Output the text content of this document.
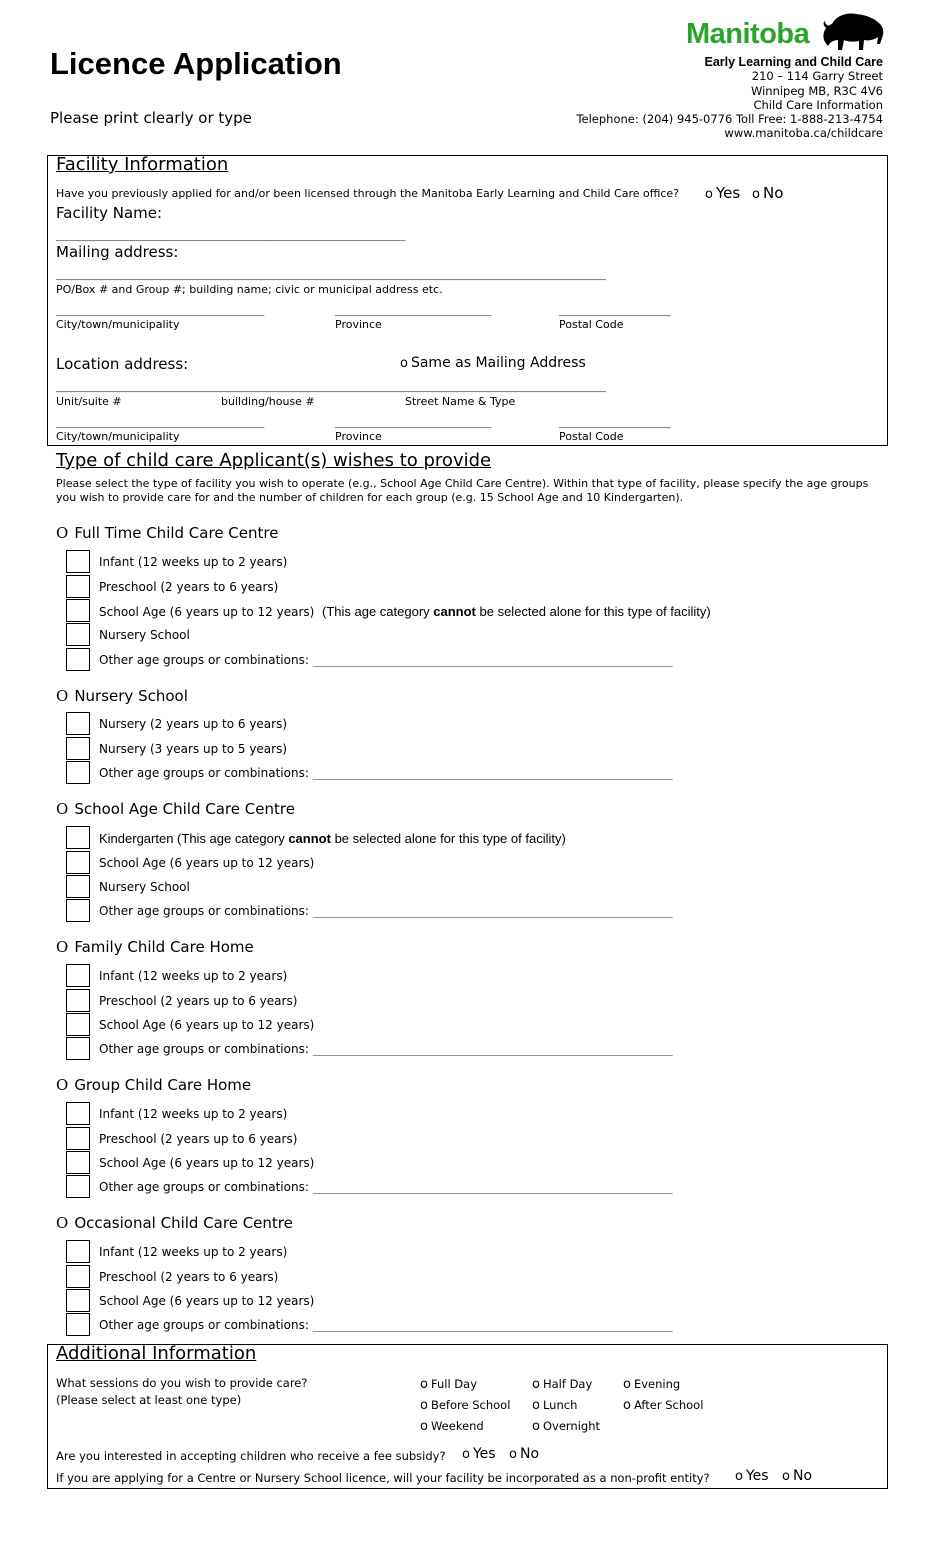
Licence Application
Please print clearly or type
Manitoba
Early Learning and Child Care
210 – 114 Garry Street
Winnipeg MB, R3C 4V6
Child Care Information
Telephone: (204) 945-0776 Toll Free: 1-888-213-4754
www.manitoba.ca/childcare
Facility Information
Have you previously applied for and/or been licensed through the Manitoba Early Learning and Child Care office? o Yes o No
Facility Name:
_______________________________________________
Mailing address:
__________________________________________________________________________
PO/Box # and Group #; building name; civic or municipal address etc.
____________________________	_____________________	_______________
City/town/municipality	Province	Postal Code
Location address:	o Same as Mailing Address
__________________________________________________________________________
Unit/suite #	building/house #	Street Name & Type
____________________________	_____________________	_______________
City/town/municipality	Province	Postal Code
Type of child care Applicant(s) wishes to provide
Please select the type of facility you wish to operate (e.g., School Age Child Care Centre). Within that type of facility, please specify the age groups
you wish to provide care for and the number of children for each group (e.g. 15 School Age and 10 Kindergarten).
O Full Time Child Care Centre
Infant (12 weeks up to 2 years)
Preschool (2 years to 6 years)
School Age (6 years up to 12 years) (This age category cannot be selected alone for this type of facility)
Nursery School
Other age groups or combinations: _________________________________________________________________
O Nursery School
Nursery (2 years up to 6 years)
Nursery (3 years up to 5 years)
Other age groups or combinations: _________________________________________________________________
O School Age Child Care Centre
Kindergarten (This age category cannot be selected alone for this type of facility)
School Age (6 years up to 12 years)
Nursery School
Other age groups or combinations: _________________________________________________________________
O Family Child Care Home
Infant (12 weeks up to 2 years)
Preschool (2 years up to 6 years)
School Age (6 years up to 12 years)
Other age groups or combinations: _________________________________________________________________
O Group Child Care Home
Infant (12 weeks up to 2 years)
Preschool (2 years up to 6 years)
School Age (6 years up to 12 years)
Other age groups or combinations: _________________________________________________________________
O Occasional Child Care Centre
Infant (12 weeks up to 2 years)
Preschool (2 years to 6 years)
School Age (6 years up to 12 years)
Other age groups or combinations: _________________________________________________________________
Additional Information
What sessions do you wish to provide care?
(Please select at least one type)
o Full Day	o Half Day o Evening
o Before School o Lunch	o After School
o Weekend	o Overnight
Are you interested in accepting children who receive a fee subsidy? o Yes o No
If you are applying for a Centre or Nursery School licence, will your facility be incorporated as a non-profit entity? o Yes o No
